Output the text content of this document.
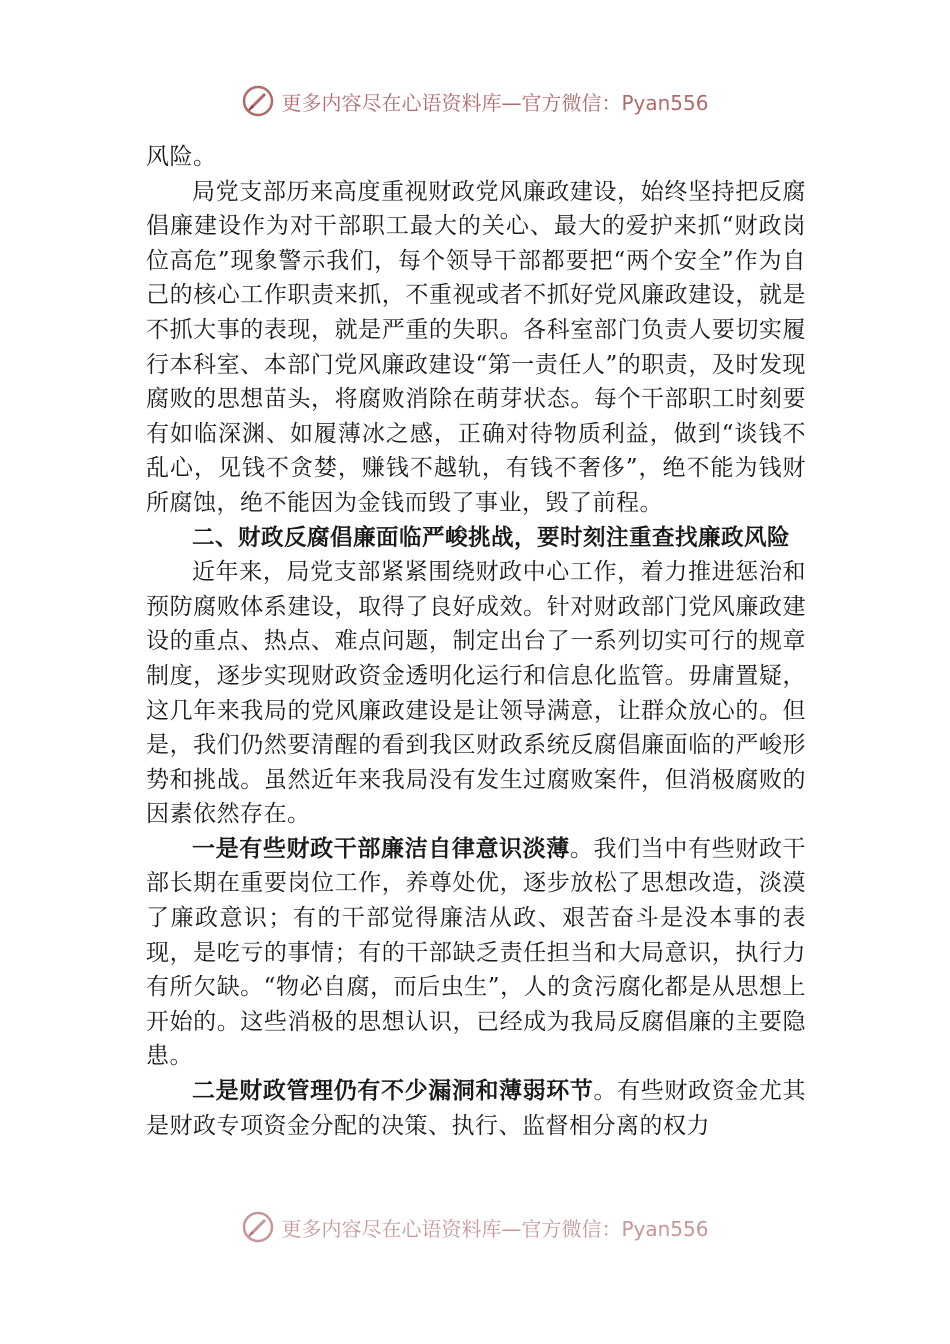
更多内容尽在心语资料库—官方微信：Pyan556

风险。

局党支部历来高度重视财政党风廉政建设，始终坚持把反腐倡廉建设作为对干部职工最大的关心、最大的爱护来抓“财政岗位高危”现象警示我们，每个领导干部都要把“两个安全”作为自己的核心工作职责来抓，不重视或者不抓好党风廉政建设，就是不抓大事的表现，就是严重的失职。各科室部门负责人要切实履行本科室、本部门党风廉政建设“第一责任人”的职责，及时发现腐败的思想苗头，将腐败消除在萌芽状态。每个干部职工时刻要有如临深渊、如履薄冰之感，正确对待物质利益，做到“谈钱不乱心，见钱不贪婪，赚钱不越轨，有钱不奢侈”，绝不能为钱财所腐蚀，绝不能因为金钱而毁了事业，毁了前程。

二、财政反腐倡廉面临严峻挑战，要时刻注重查找廉政风险

近年来，局党支部紧紧围绕财政中心工作，着力推进惩治和预防腐败体系建设，取得了良好成效。针对财政部门党风廉政建设的重点、热点、难点问题，制定出台了一系列切实可行的规章制度，逐步实现财政资金透明化运行和信息化监管。毋庸置疑，这几年来我局的党风廉政建设是让领导满意，让群众放心的。但是，我们仍然要清醒的看到我区财政系统反腐倡廉面临的严峻形势和挑战。虽然近年来我局没有发生过腐败案件，但消极腐败的因素依然存在。

一是有些财政干部廉洁自律意识淡薄。我们当中有些财政干部长期在重要岗位工作，养尊处优，逐步放松了思想改造，淡漠了廉政意识；有的干部觉得廉洁从政、艰苦奋斗是没本事的表现，是吃亏的事情；有的干部缺乏责任担当和大局意识，执行力有所欠缺。“物必自腐，而后虫生”，人的贪污腐化都是从思想上开始的。这些消极的思想认识，已经成为我局反腐倡廉的主要隐患。

二是财政管理仍有不少漏洞和薄弱环节。有些财政资金尤其是财政专项资金分配的决策、执行、监督相分离的权力

更多内容尽在心语资料库—官方微信：Pyan556
